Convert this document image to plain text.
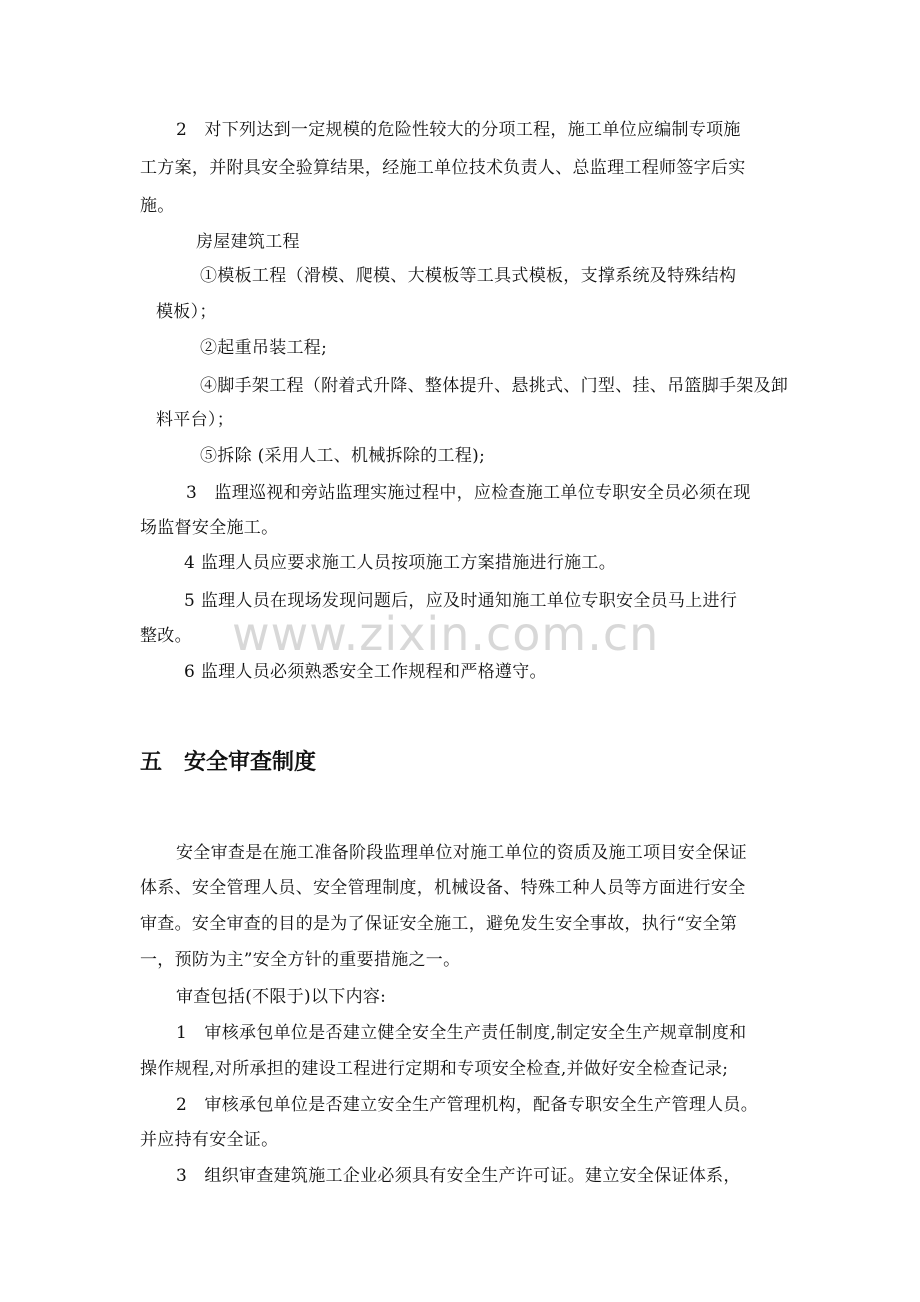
2　对下列达到一定规模的危险性较大的分项工程，施工单位应编制专项施
工方案，并附具安全验算结果，经施工单位技术负责人、总监理工程师签字后实
施。
房屋建筑工程
①模板工程（滑模、爬模、大模板等工具式模板，支撑系统及特殊结构
模板）；
②起重吊装工程;
④脚手架工程（附着式升降、整体提升、悬挑式、门型、挂、吊篮脚手架及卸
料平台）；
⑤拆除 (采用人工、机械拆除的工程);
3　监理巡视和旁站监理实施过程中，应检查施工单位专职安全员必须在现
场监督安全施工。
4 监理人员应要求施工人员按项施工方案措施进行施工。
5 监理人员在现场发现问题后，应及时通知施工单位专职安全员马上进行
整改。
6 监理人员必须熟悉安全工作规程和严格遵守。
五 安全审查制度
安全审查是在施工准备阶段监理单位对施工单位的资质及施工项目安全保证
体系、安全管理人员、安全管理制度，机械设备、特殊工种人员等方面进行安全
审查。安全审查的目的是为了保证安全施工，避免发生安全事故，执行“安全第
一，预防为主”安全方针的重要措施之一。
审查包括(不限于)以下内容:
1　审核承包单位是否建立健全安全生产责任制度,制定安全生产规章制度和
操作规程,对所承担的建设工程进行定期和专项安全检查,并做好安全检查记录;
2　审核承包单位是否建立安全生产管理机构，配备专职安全生产管理人员。
并应持有安全证。
3　组织审查建筑施工企业必须具有安全生产许可证。建立安全保证体系，
www.zixin.com.cn
